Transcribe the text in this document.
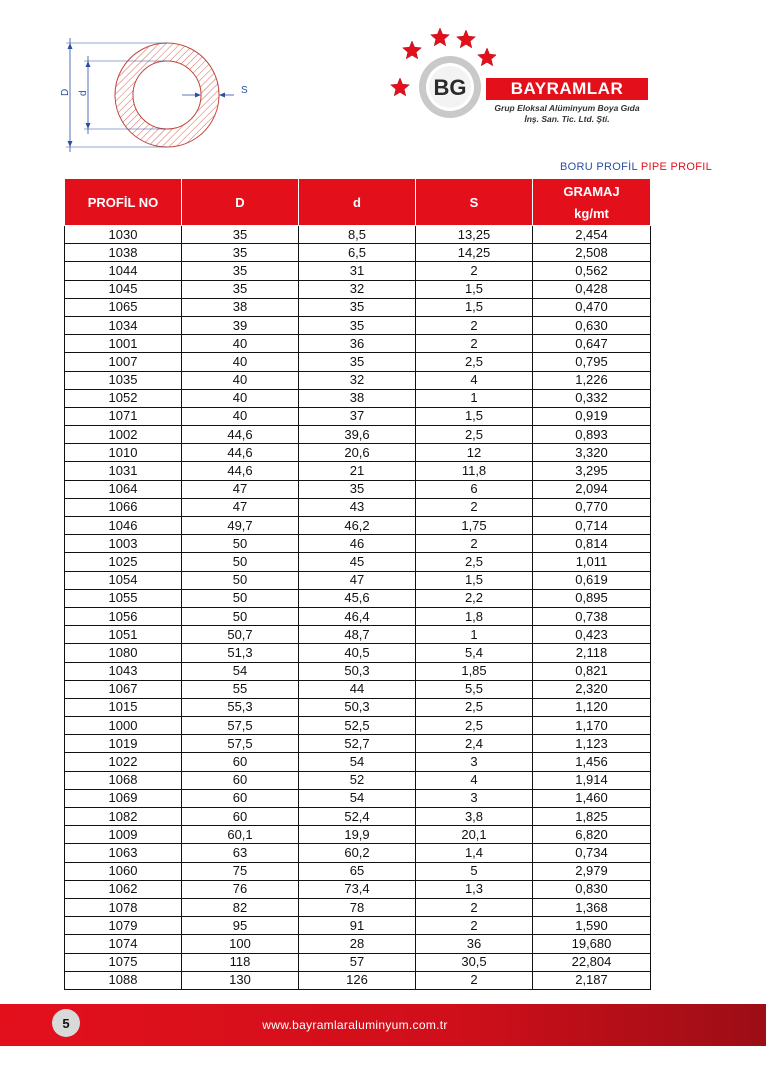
D d	S	BG	BAYRAMLAR
Grup Eloksal Alüminyum Boya Gıda
İnş. San. Tic. Ltd. Şti.
BORU PROFİL PIPE PROFIL
PROFİL NO	D	d	S	GRAMAJ
kg/mt
1030	35	8,5	13,25	2,454
1038	35	6,5	14,25	2,508
1044	35	31	2	0,562
1045	35	32	1,5	0,428
1065	38	35	1,5	0,470
1034	39	35	2	0,630
1001	40	36	2	0,647
1007	40	35	2,5	0,795
1035	40	32	4	1,226
1052	40	38	1	0,332
1071	40	37	1,5	0,919
1002	44,6	39,6	2,5	0,893
1010	44,6	20,6	12	3,320
1031	44,6	21	11,8	3,295
1064	47	35	6	2,094
1066	47	43	2	0,770
1046	49,7	46,2	1,75	0,714
1003	50	46	2	0,814
1025	50	45	2,5	1,011
1054	50	47	1,5	0,619
1055	50	45,6	2,2	0,895
1056	50	46,4	1,8	0,738
1051	50,7	48,7	1	0,423
1080	51,3	40,5	5,4	2,118
1043	54	50,3	1,85	0,821
1067	55	44	5,5	2,320
1015	55,3	50,3	2,5	1,120
1000	57,5	52,5	2,5	1,170
1019	57,5	52,7	2,4	1,123
1022	60	54	3	1,456
1068	60	52	4	1,914
1069	60	54	3	1,460
1082	60	52,4	3,8	1,825
1009	60,1	19,9	20,1	6,820
1063	63	60,2	1,4	0,734
1060	75	65	5	2,979
1062	76	73,4	1,3	0,830
1078	82	78	2	1,368
1079	95	91	2	1,590
1074	100	28	36	19,680
1075	118	57	30,5	22,804
1088	130	126	2	2,187
5	www.bayramlaraluminyum.com.tr
